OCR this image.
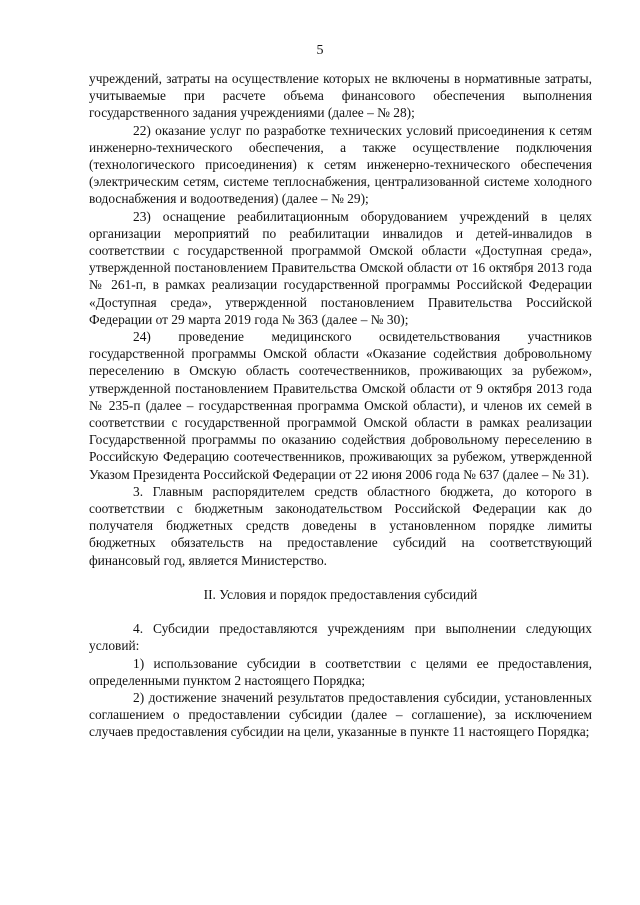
5

учреждений, затраты на осуществление которых не включены в нормативные затраты, учитываемые при расчете объема финансового обеспечения выполнения государственного задания учреждениями (далее – № 28);

22) оказание услуг по разработке технических условий присоединения к сетям инженерно-технического обеспечения, а также осуществление подключения (технологического присоединения) к сетям инженерно-технического обеспечения (электрическим сетям, системе теплоснабжения, централизованной системе холодного водоснабжения и водоотведения) (далее – № 29);

23) оснащение реабилитационным оборудованием учреждений в целях организации мероприятий по реабилитации инвалидов и детей-инвалидов в соответствии с государственной программой Омской области «Доступная среда», утвержденной постановлением Правительства Омской области от 16 октября 2013 года № 261-п, в рамках реализации государственной программы Российской Федерации «Доступная среда», утвержденной постановлением Правительства Российской Федерации от 29 марта 2019 года № 363 (далее – № 30);

24) проведение медицинского освидетельствования участников государственной программы Омской области «Оказание содействия добровольному переселению в Омскую область соотечественников, проживающих за рубежом», утвержденной постановлением Правительства Омской области от 9 октября 2013 года № 235-п (далее – государственная программа Омской области), и членов их семей в соответствии с государственной программой Омской области в рамках реализации Государственной программы по оказанию содействия добровольному переселению в Российскую Федерацию соотечественников, проживающих за рубежом, утвержденной Указом Президента Российской Федерации от 22 июня 2006 года № 637 (далее – № 31).

3. Главным распорядителем средств областного бюджета, до которого в соответствии с бюджетным законодательством Российской Федерации как до получателя бюджетных средств доведены в установленном порядке лимиты бюджетных обязательств на предоставление субсидий на соответствующий финансовый год, является Министерство.

II. Условия и порядок предоставления субсидий

4. Субсидии предоставляются учреждениям при выполнении следующих условий:

1) использование субсидии в соответствии с целями ее предоставления, определенными пунктом 2 настоящего Порядка;

2) достижение значений результатов предоставления субсидии, установленных соглашением о предоставлении субсидии (далее – соглашение), за исключением случаев предоставления субсидии на цели, указанные в пункте 11 настоящего Порядка;
